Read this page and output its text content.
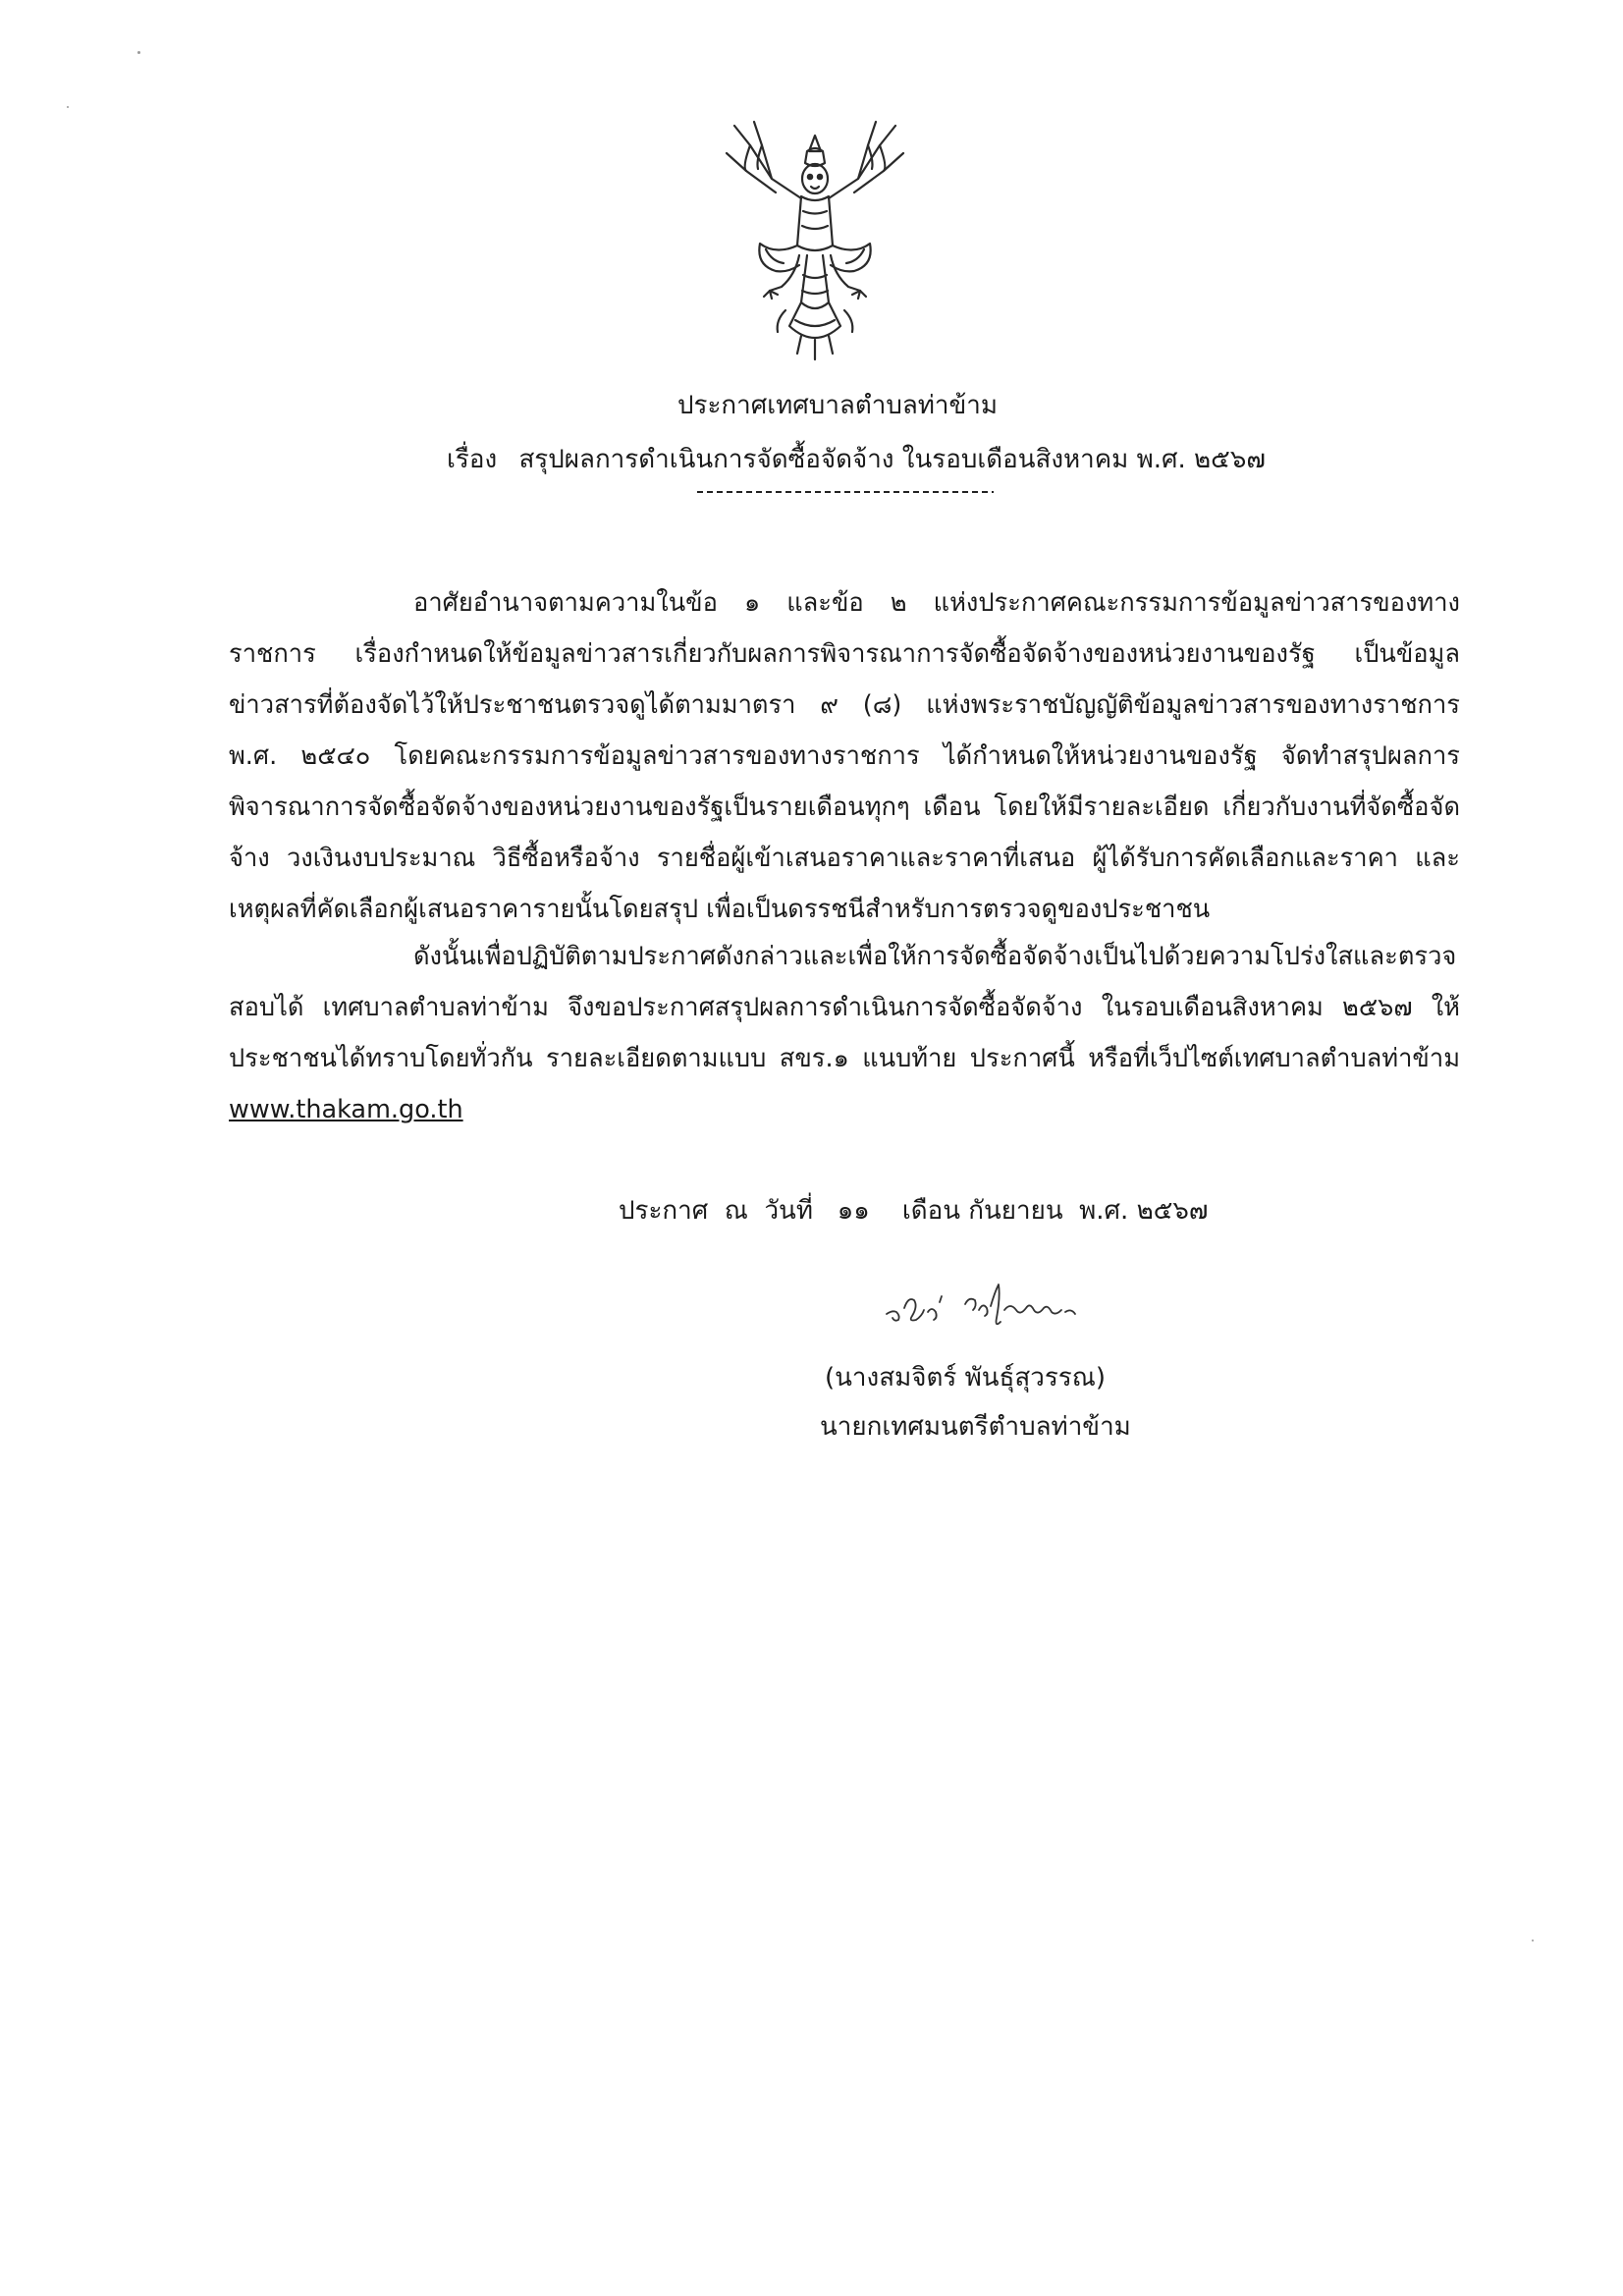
ประกาศเทศบาลตำบลท่าข้าม
เรื่อง สรุปผลการดำเนินการจัดซื้อจัดจ้าง ในรอบเดือนสิงหาคม พ.ศ. ๒๕๖๗

อาศัยอำนาจตามความในข้อ ๑ และข้อ ๒ แห่งประกาศคณะกรรมการข้อมูลข่าวสารของทางราชการ เรื่องกำหนดให้ข้อมูลข่าวสารเกี่ยวกับผลการพิจารณาการจัดซื้อจัดจ้างของหน่วยงานของรัฐ เป็นข้อมูลข่าวสารที่ต้องจัดไว้ให้ประชาชนตรวจดูได้ตามมาตรา ๙ (๘) แห่งพระราชบัญญัติข้อมูลข่าวสารของทางราชการ พ.ศ. ๒๕๔๐ โดยคณะกรรมการข้อมูลข่าวสารของทางราชการ ได้กำหนดให้หน่วยงานของรัฐ จัดทำสรุปผลการพิจารณาการจัดซื้อจัดจ้างของหน่วยงานของรัฐเป็นรายเดือนทุกๆ เดือน โดยให้มีรายละเอียด เกี่ยวกับงานที่จัดซื้อจัดจ้าง วงเงินงบประมาณ วิธีซื้อหรือจ้าง รายชื่อผู้เข้าเสนอราคาและราคาที่เสนอ ผู้ได้รับการคัดเลือกและราคา และเหตุผลที่คัดเลือกผู้เสนอราคารายนั้นโดยสรุป เพื่อเป็นดรรชนีสำหรับการตรวจดูของประชาชน

ดังนั้นเพื่อปฏิบัติตามประกาศดังกล่าวและเพื่อให้การจัดซื้อจัดจ้างเป็นไปด้วยความโปร่งใสและตรวจสอบได้ เทศบาลตำบลท่าข้าม จึงขอประกาศสรุปผลการดำเนินการจัดซื้อจัดจ้าง ในรอบเดือนสิงหาคม ๒๕๖๗ ให้ประชาชนได้ทราบโดยทั่วกัน รายละเอียดตามแบบ สขร.๑ แนบท้าย ประกาศนี้ หรือที่เว็ปไซต์เทศบาลตำบลท่าข้าม www.thakam.go.th

ประกาศ  ณ  วันที่   ๑๑    เดือน กันยายน  พ.ศ. ๒๕๖๗
(นางสมจิตร์ พันธุ์สุวรรณ)
นายกเทศมนตรีตำบลท่าข้าม
